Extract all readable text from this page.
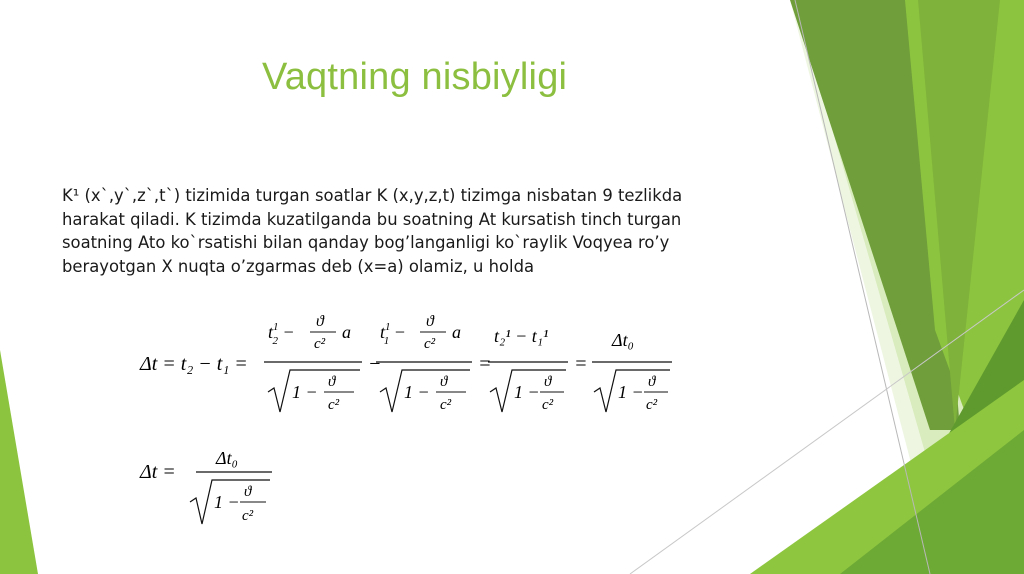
Vaqtning nisbiyligi
K¹ (x`,y`,z`,t`) tizimida turgan soatlar K (x,y,z,t) tizimga nisbatan 9 tezlikda
harakat qiladi. K tizimda kuzatilganda bu soatning At kursatish tinch turgan
soatning Ato ko`rsatishi bilan qanday bog’langanligi ko`raylik Voqyea ro’y
berayotgan X nuqta o’zgarmas deb (x=a) olamiz, u holda
Δt = t₂ − t₁ =
$t^1$ 2 −
ϑ
c²
a
1 − ϑ
c²
−
$t^1$ 1 −
ϑ
c²
a
1 − ϑ
c²
=
t₂¹ − t₁¹
1 − ϑ
c²
=
Δt₀
1 − ϑ
c²
Δt =
Δt₀
1 − ϑ
c²
